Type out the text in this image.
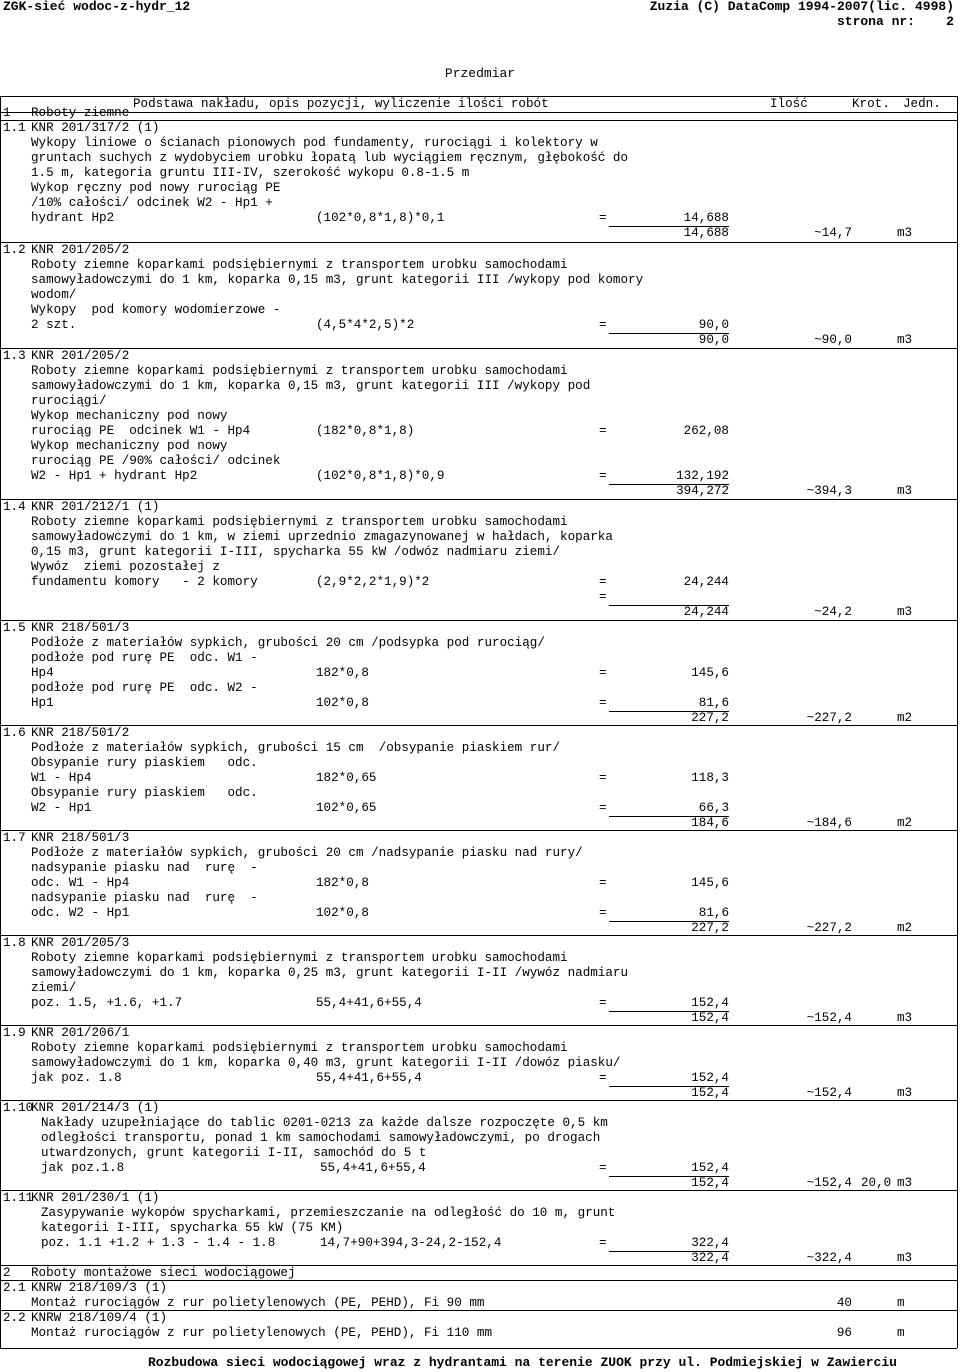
ZGK-sieć wodoc-z-hydr_12	Zuzia (C) DataComp 1994-2007(lic. 4998)
strona nr:    2
Przedmiar
Podstawa nakładu, opis pozycji, wyliczenie ilości robót	Ilość	Krot. Jedn.
1 Roboty ziemne
1.1 KNR 201/317/2 (1)
Wykopy liniowe o ścianach pionowych pod fundamenty, rurociągi i kolektory w
gruntach suchych z wydobyciem urobku łopatą lub wyciągiem ręcznym, głębokość do
1.5 m, kategoria gruntu III-IV, szerokość wykopu 0.8-1.5 m
Wykop ręczny pod nowy rurociąg PE
/10% całości/ odcinek W2 - Hp1 +
hydrant Hp2	(102*0,8*1,8)*0,1	=	14,688
14,688	~14,7	m3
1.2 KNR 201/205/2
Roboty ziemne koparkami podsiębiernymi z transportem urobku samochodami
samowyładowczymi do 1 km, koparka 0,15 m3, grunt kategorii III /wykopy pod komory
wodom/
Wykopy  pod komory wodomierzowe -
2 szt.	(4,5*4*2,5)*2	=	90,0
90,0	~90,0	m3
1.3 KNR 201/205/2
Roboty ziemne koparkami podsiębiernymi z transportem urobku samochodami
samowyładowczymi do 1 km, koparka 0,15 m3, grunt kategorii III /wykopy pod
rurociągi/
Wykop mechaniczny pod nowy
rurociąg PE  odcinek W1 - Hp4	(182*0,8*1,8)	=	262,08
Wykop mechaniczny pod nowy
rurociąg PE /90% całości/ odcinek
W2 - Hp1 + hydrant Hp2	(102*0,8*1,8)*0,9	=	132,192
394,272	~394,3	m3
1.4 KNR 201/212/1 (1)
Roboty ziemne koparkami podsiębiernymi z transportem urobku samochodami
samowyładowczymi do 1 km, w ziemi uprzednio zmagazynowanej w hałdach, koparka
0,15 m3, grunt kategorii I-III, spycharka 55 kW /odwóz nadmiaru ziemi/
Wywóz  ziemi pozostałej z
fundamentu komory   - 2 komory	(2,9*2,2*1,9)*2	=	24,244
=
24,244	~24,2	m3
1.5 KNR 218/501/3
Podłoże z materiałów sypkich, grubości 20 cm /podsypka pod rurociąg/
podłoże pod rurę PE  odc. W1 -
Hp4	182*0,8	=	145,6
podłoże pod rurę PE  odc. W2 -
Hp1	102*0,8	=	81,6
227,2	~227,2	m2
1.6 KNR 218/501/2
Podłoże z materiałów sypkich, grubości 15 cm  /obsypanie piaskiem rur/
Obsypanie rury piaskiem   odc.
W1 - Hp4	182*0,65	=	118,3
Obsypanie rury piaskiem   odc.
W2 - Hp1	102*0,65	=	66,3
184,6	~184,6	m2
1.7 KNR 218/501/3
Podłoże z materiałów sypkich, grubości 20 cm /nadsypanie piasku nad rury/
nadsypanie piasku nad  rurę  -
odc. W1 - Hp4	182*0,8	=	145,6
nadsypanie piasku nad  rurę  -
odc. W2 - Hp1	102*0,8	=	81,6
227,2	~227,2	m2
1.8 KNR 201/205/3
Roboty ziemne koparkami podsiębiernymi z transportem urobku samochodami
samowyładowczymi do 1 km, koparka 0,25 m3, grunt kategorii I-II /wywóz nadmiaru
ziemi/
poz. 1.5, +1.6, +1.7	55,4+41,6+55,4	=	152,4
152,4	~152,4	m3
1.9 KNR 201/206/1
Roboty ziemne koparkami podsiębiernymi z transportem urobku samochodami
samowyładowczymi do 1 km, koparka 0,40 m3, grunt kategorii I-II /dowóz piasku/
jak poz. 1.8	55,4+41,6+55,4	=	152,4
152,4	~152,4	m3
1.10
KNR 201/214/3 (1)
Nakłady uzupełniające do tablic 0201-0213 za każde dalsze rozpoczęte 0,5 km
odległości transportu, ponad 1 km samochodami samowyładowczymi, po drogach
utwardzonych, grunt kategorii I-II, samochód do 5 t
jak poz.1.8	55,4+41,6+55,4	=	152,4
152,4	~152,4 20,0 m3
1.11
KNR 201/230/1 (1)
Zasypywanie wykopów spycharkami, przemieszczanie na odległość do 10 m, grunt
kategorii I-III, spycharka 55 kW (75 KM)
poz. 1.1 +1.2 + 1.3 - 1.4 - 1.8	14,7+90+394,3-24,2-152,4	=	322,4
322,4	~322,4	m3
2 Roboty montażowe sieci wodociągowej
2.1 KNRW 218/109/3 (1)
Montaż rurociągów z rur polietylenowych (PE, PEHD), Fi 90 mm	40	m
2.2 KNRW 218/109/4 (1)
Montaż rurociągów z rur polietylenowych (PE, PEHD), Fi 110 mm	96	m
Rozbudowa sieci wodociągowej wraz z hydrantami na terenie ZUOK przy ul. Podmiejskiej w Zawierciu
